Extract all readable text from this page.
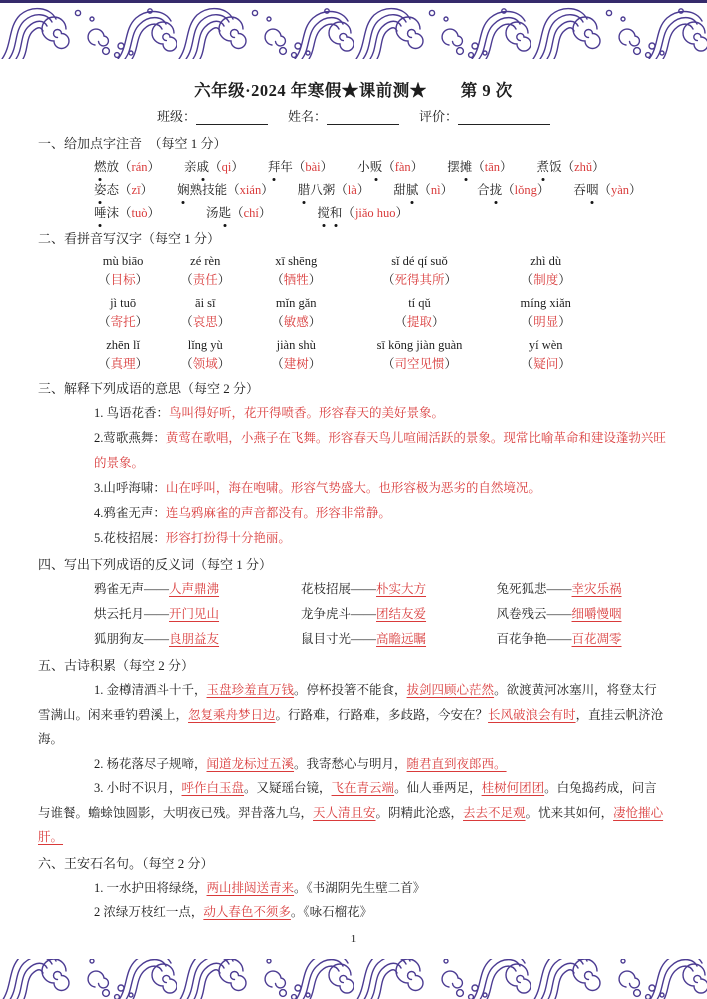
六年级·2024 年寒假★课前测★　　第 9 次
班级：	姓名：	评价：
一、给加点字注音　（每空 1 分）
燃放（rán） 亲戚（qi） 拜年（bài） 小贩（fàn） 摆摊（tān） 煮饭（zhǔ）
姿态（zī） 娴熟技能（xián） 腊八粥（là） 甜腻（nì） 合拢（lǒng） 吞咽（yàn）
唾沫（tuò）	汤匙（chí）	搅和（jiǎo huo）
二、看拼音写汉字（每空 1 分）
mù biāo	zé rèn	xī shēng	sǐ dé qí suǒ	zhì dù
（目标）	（责任）	（牺牲）	（死得其所）	（制度）
jì tuō	āi sī	mǐn gǎn	tí qǔ	míng xiǎn
（寄托）	（哀思）	（敏感）	（提取）	（明显）
zhēn lǐ	lǐng yù	jiàn shù	sī kōng jiàn guàn	yí wèn
（真理）	（领域）	（建树）	（司空见惯）	（疑问）
三、解释下列成语的意思（每空 2 分）
1. 鸟语花香：鸟叫得好听，花开得喷香。形容春天的美好景象。
2.莺歌燕舞：黄莺在歌唱，小燕子在飞舞。形容春天鸟儿喧闹活跃的景象。现常比喻革命和建设蓬勃兴旺的景象。
3.山呼海啸：山在呼叫，海在咆啸。形容气势盛大。也形容极为恶劣的自然境况。
4.鸦雀无声：连乌鸦麻雀的声音都没有。形容非常静。
5.花枝招展：形容打扮得十分艳丽。
四、写出下列成语的反义词（每空 1 分）
鸦雀无声——人声鼎沸	花枝招展——朴实大方	兔死狐悲——幸灾乐祸
烘云托月——开门见山	龙争虎斗——团结友爱	风卷残云——细嚼慢咽
狐朋狗友——良朋益友	鼠目寸光——高瞻远瞩	百花争艳——百花凋零
五、古诗积累（每空 2 分）
1. 金樽清酒斗十千，玉盘珍羞直万钱。停杯投箸不能食，拔剑四顾心茫然。欲渡黄河冰塞川，将登太行雪满山。闲来垂钓碧溪上，忽复乘舟梦日边。行路难，行路难，多歧路，今安在？长风破浪会有时，直挂云帆济沧海。
2. 杨花落尽子规啼，闻道龙标过五溪。我寄愁心与明月，随君直到夜郎西。
3. 小时不识月，呼作白玉盘。又疑瑶台镜，飞在青云端。仙人垂两足，桂树何团团。白兔捣药成，问言与谁餐。蟾蜍蚀圆影，大明夜已残。羿昔落九乌，天人清且安。阴精此沦惑，去去不足观。忧来其如何，凄怆摧心肝。
六、王安石名句。（每空 2 分）
1. 一水护田将绿绕，两山排闼送青来。《书湖阴先生壁二首》
2 浓绿万枝红一点，动人春色不须多。《咏石榴花》
1
